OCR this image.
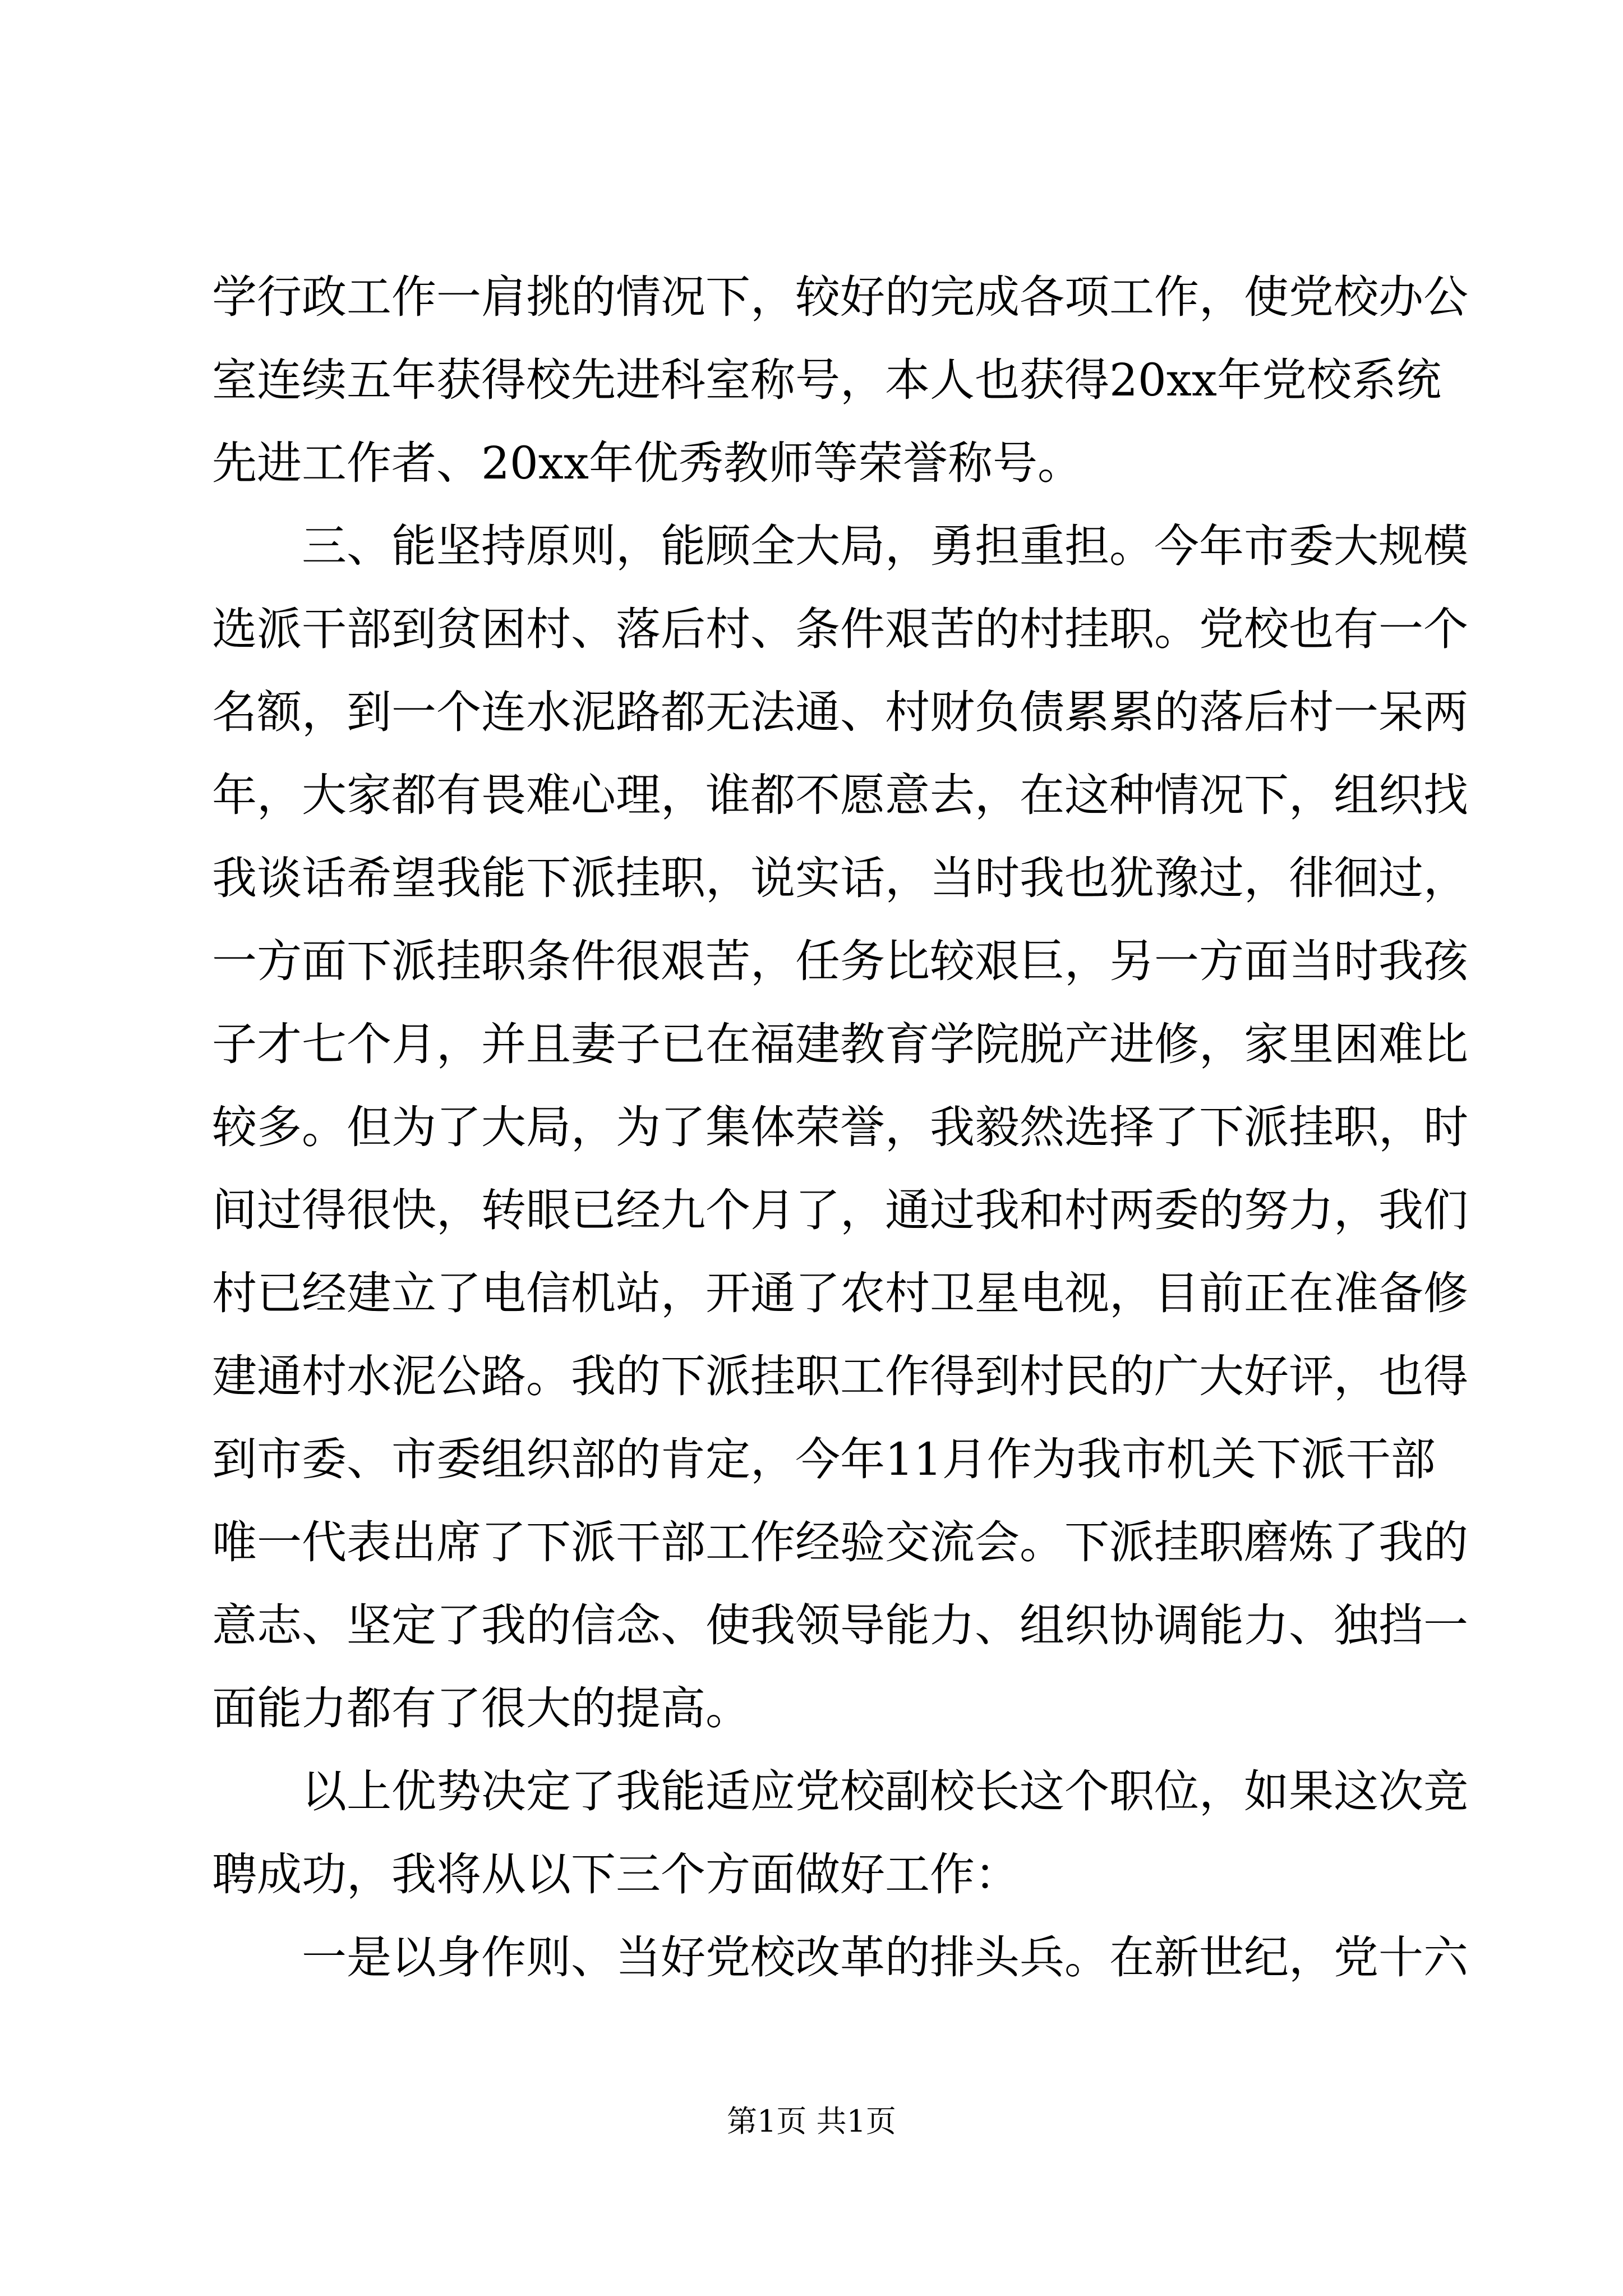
学行政工作一肩挑的情况下，较好的完成各项工作，使党校办公
室连续五年获得校先进科室称号，本人也获得20xx年党校系统
先进工作者、20xx年优秀教师等荣誉称号。
三、能坚持原则，能顾全大局，勇担重担。今年市委大规模
选派干部到贫困村、落后村、条件艰苦的村挂职。党校也有一个
名额，到一个连水泥路都无法通、村财负债累累的落后村一呆两
年，大家都有畏难心理，谁都不愿意去，在这种情况下，组织找
我谈话希望我能下派挂职，说实话，当时我也犹豫过，徘徊过，
一方面下派挂职条件很艰苦，任务比较艰巨，另一方面当时我孩
子才七个月，并且妻子已在福建教育学院脱产进修，家里困难比
较多。但为了大局，为了集体荣誉，我毅然选择了下派挂职，时
间过得很快，转眼已经九个月了，通过我和村两委的努力，我们
村已经建立了电信机站，开通了农村卫星电视，目前正在准备修
建通村水泥公路。我的下派挂职工作得到村民的广大好评，也得
到市委、市委组织部的肯定，今年11月作为我市机关下派干部
唯一代表出席了下派干部工作经验交流会。下派挂职磨炼了我的
意志、坚定了我的信念、使我领导能力、组织协调能力、独挡一
面能力都有了很大的提高。
以上优势决定了我能适应党校副校长这个职位，如果这次竞
聘成功，我将从以下三个方面做好工作：
一是以身作则、当好党校改革的排头兵。在新世纪，党十六
第1页 共1页
